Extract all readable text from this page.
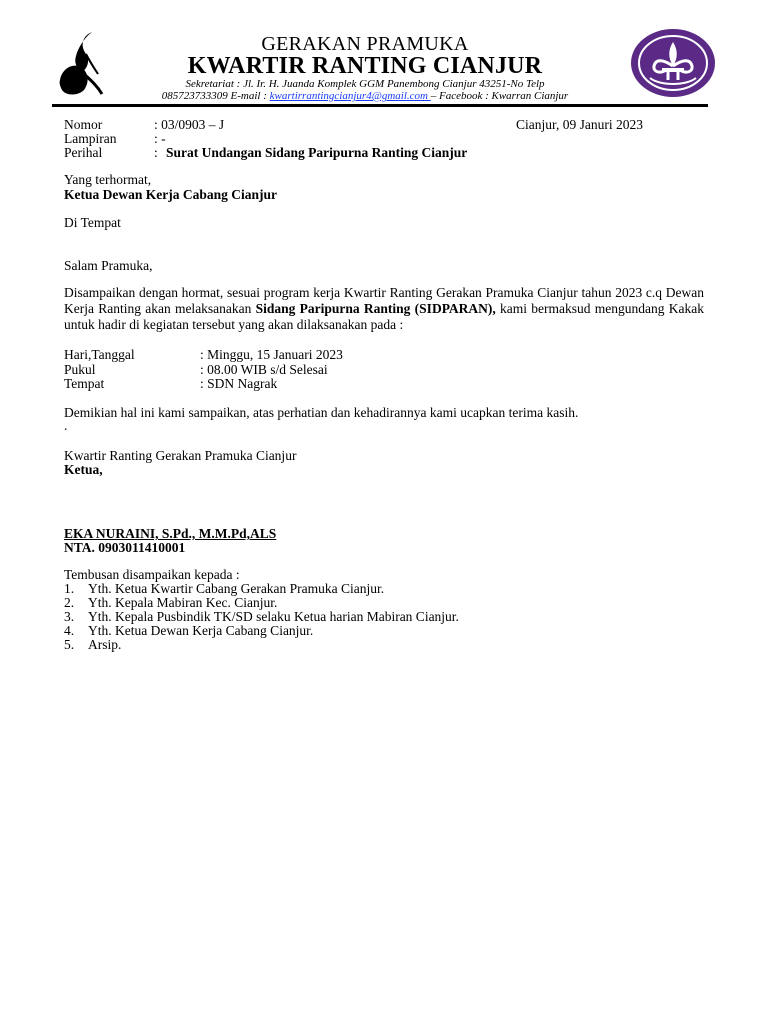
GERAKAN PRAMUKA
KWARTIR RANTING CIANJUR
Sekretariat : Jl. Ir. H. Juanda Komplek GGM Panembong Cianjur 43251-No Telp
085723733309 E-mail : kwartirrantingcianjur4@gmail.com – Facebook : Kwarran Cianjur
Nomor	: 03/0903 – J	Cianjur, 09 Januri 2023
Lampiran	: -
Perihal	: Surat Undangan Sidang Paripurna Ranting Cianjur
Yang terhormat,
Ketua Dewan Kerja Cabang Cianjur
Di Tempat
Salam Pramuka,
Disampaikan dengan hormat, sesuai program kerja Kwartir Ranting Gerakan Pramuka Cianjur tahun 2023 c.q Dewan Kerja Ranting akan melaksanakan Sidang Paripurna Ranting (SIDPARAN), kami bermaksud mengundang Kakak untuk hadir di kegiatan tersebut yang akan dilaksanakan pada :
Hari,Tanggal	: Minggu, 15 Januari 2023
Pukul	: 08.00 WIB s/d Selesai
Tempat	: SDN Nagrak
Demikian hal ini kami sampaikan, atas perhatian dan kehadirannya kami ucapkan terima kasih.
.
Kwartir Ranting Gerakan Pramuka Cianjur
Ketua,
EKA NURAINI, S.Pd., M.M.Pd,ALS
NTA. 0903011410001
Tembusan disampaikan kepada :
1. Yth. Ketua Kwartir Cabang Gerakan Pramuka Cianjur.
2. Yth. Kepala Mabiran Kec. Cianjur.
3. Yth. Kepala Pusbindik TK/SD selaku Ketua harian Mabiran Cianjur.
4. Yth. Ketua Dewan Kerja Cabang Cianjur.
5. Arsip.
